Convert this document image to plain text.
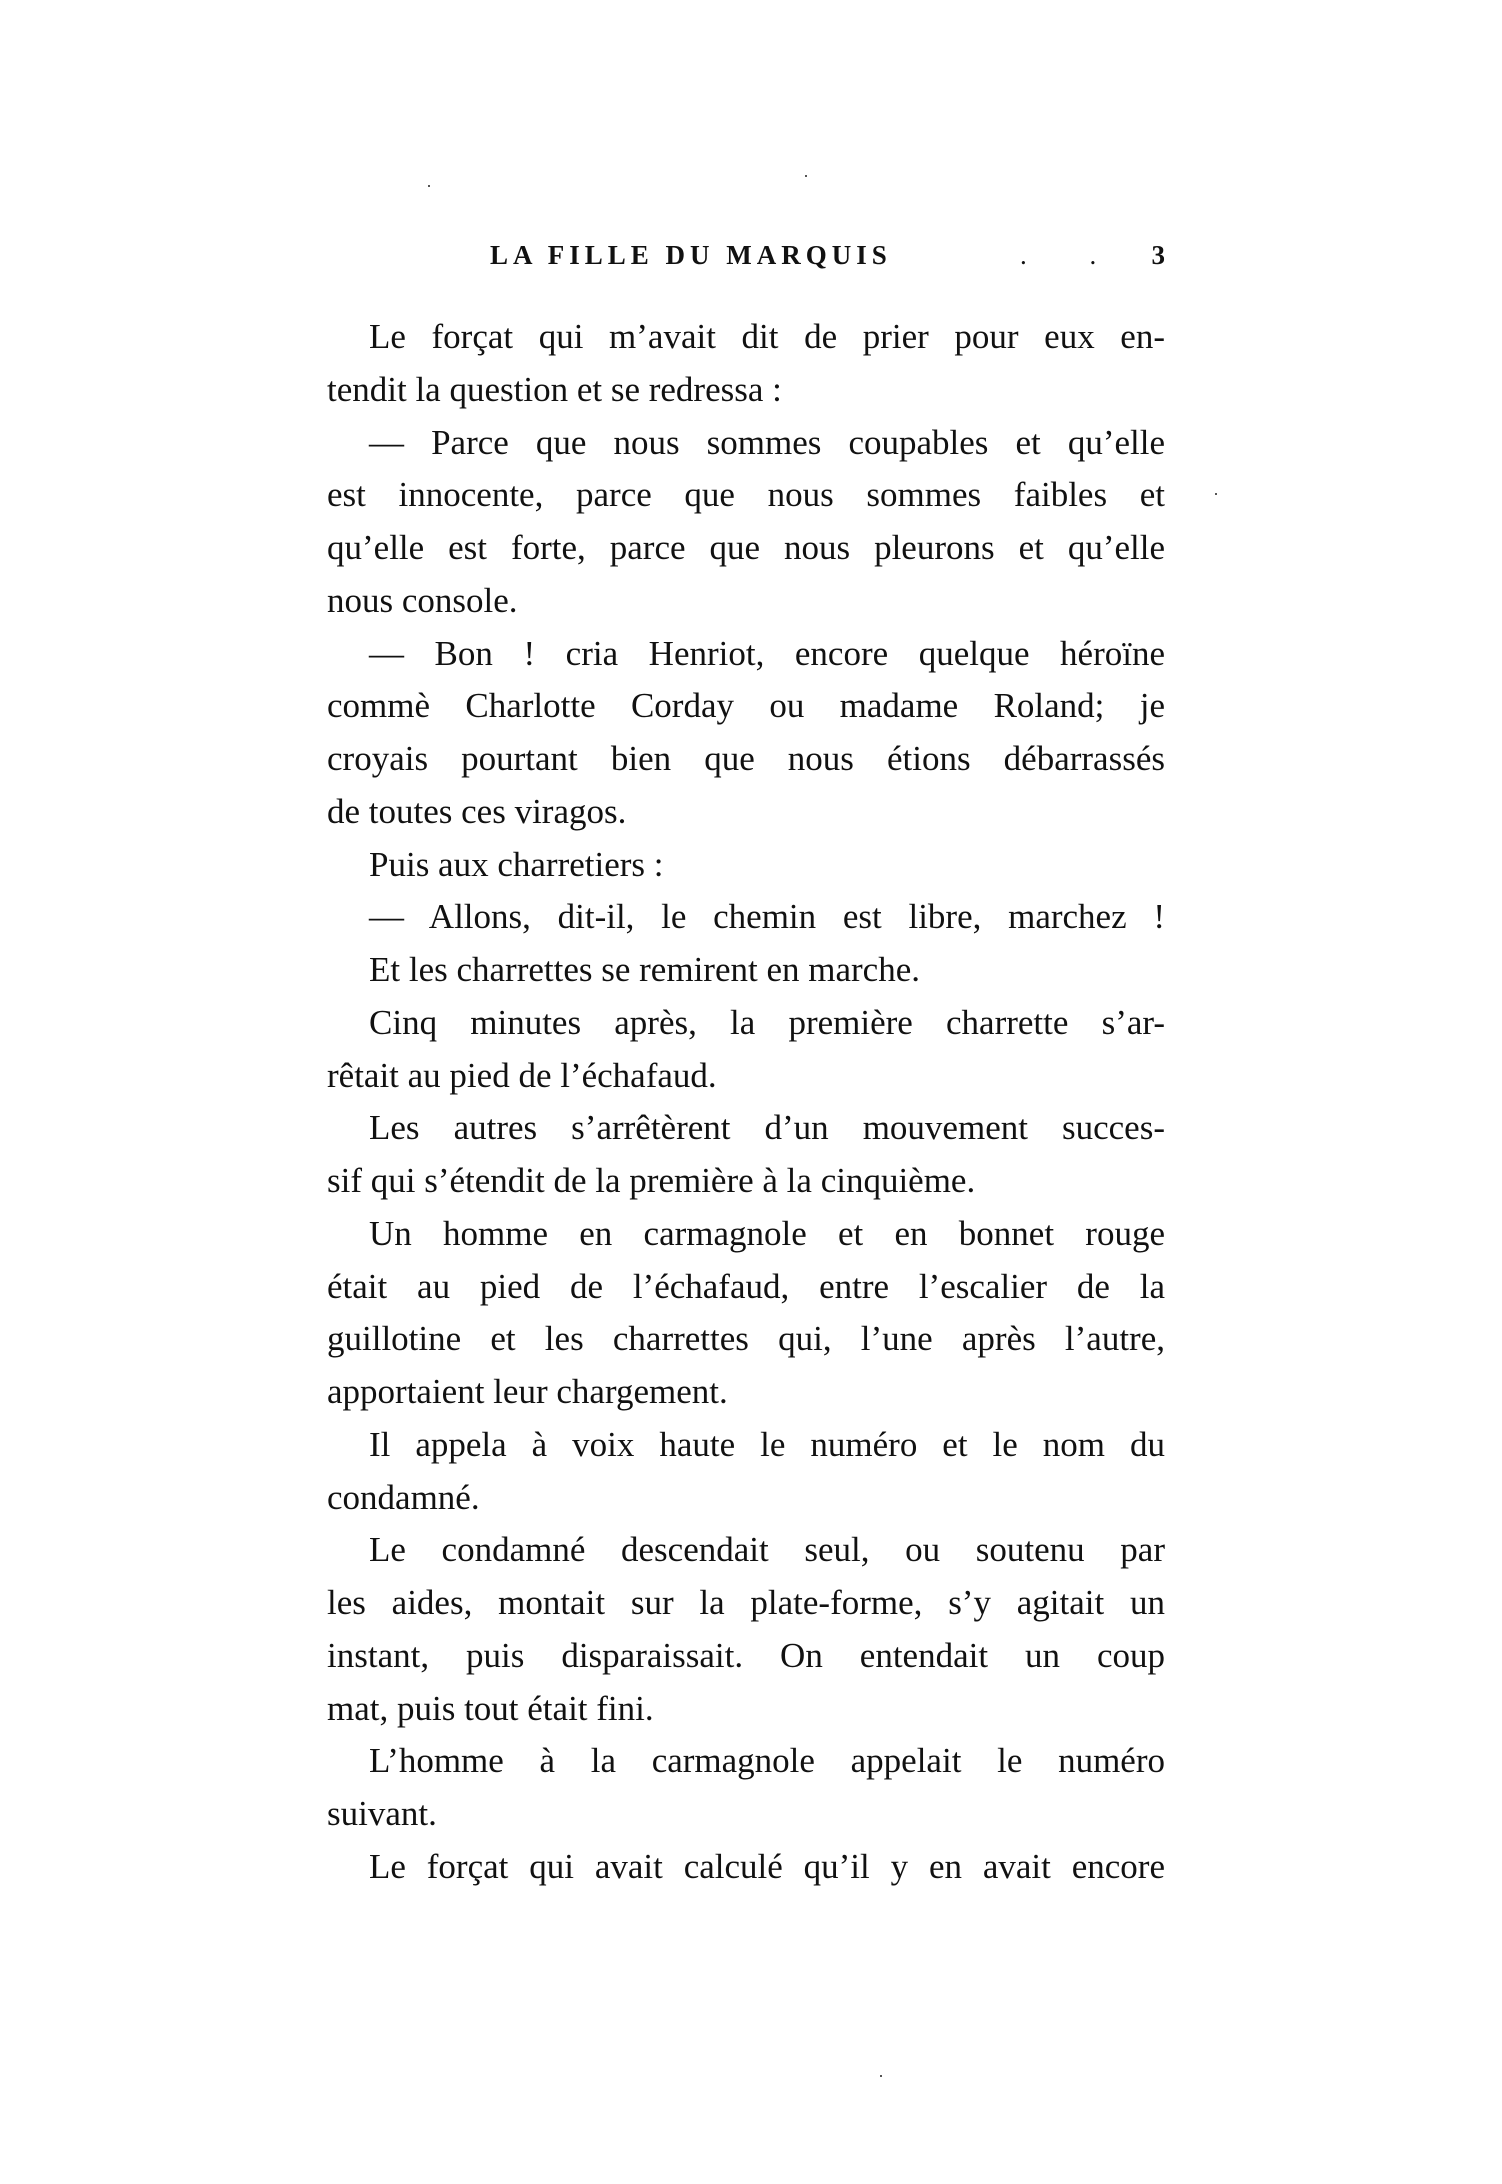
LA FILLE DU MARQUIS	. . 3
Le forçat qui m’avait dit de prier pour eux en-
tendit la question et se redressa :
— Parce que nous sommes coupables et qu’elle
est innocente, parce que nous sommes faibles et
qu’elle est forte, parce que nous pleurons et qu’elle
nous console.
— Bon ! cria Henriot, encore quelque héroïne
commè Charlotte Corday ou madame Roland; je
croyais pourtant bien que nous étions débarrassés
de toutes ces viragos.
Puis aux charretiers :
— Allons, dit-il, le chemin est libre, marchez !
Et les charrettes se remirent en marche.
Cinq minutes après, la première charrette s’ar-
rêtait au pied de l’échafaud.
Les autres s’arrêtèrent d’un mouvement succes-
sif qui s’étendit de la première à la cinquième.
Un homme en carmagnole et en bonnet rouge
était au pied de l’échafaud, entre l’escalier de la
guillotine et les charrettes qui, l’une après l’autre,
apportaient leur chargement.
Il appela à voix haute le numéro et le nom du
condamné.
Le condamné descendait seul, ou soutenu par
les aides, montait sur la plate-forme, s’y agitait un
instant, puis disparaissait. On entendait un coup
mat, puis tout était fini.
L’homme à la carmagnole appelait le numéro
suivant.
Le forçat qui avait calculé qu’il y en avait encore
